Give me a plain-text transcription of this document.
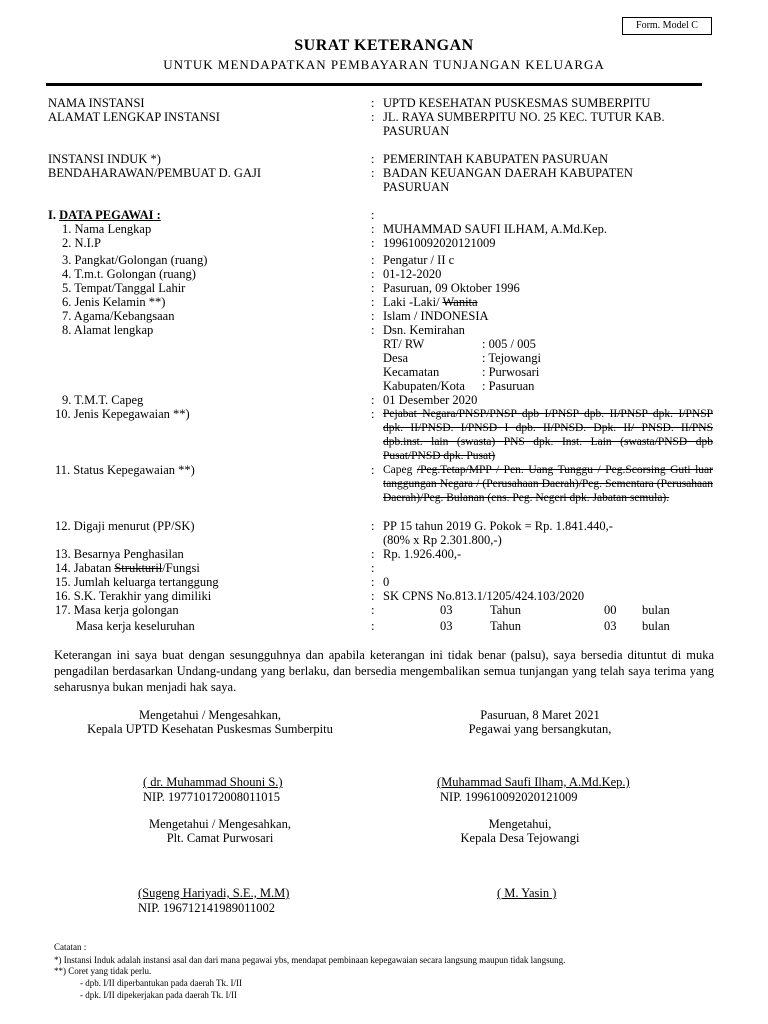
Form. Model C
SURAT KETERANGAN
UNTUK MENDAPATKAN PEMBAYARAN TUNJANGAN KELUARGA
NAMA INSTANSI	: UPTD KESEHATAN PUSKESMAS SUMBERPITU
ALAMAT LENGKAP INSTANSI	: JL. RAYA SUMBERPITU NO. 25 KEC. TUTUR KAB. PASURUAN
INSTANSI INDUK *)	: PEMERINTAH KABUPATEN PASURUAN
BENDAHARAWAN/PEMBUAT D. GAJI	: BADAN KEUANGAN DAERAH KABUPATEN PASURUAN
I. DATA PEGAWAI :	:
1. Nama Lengkap	: MUHAMMAD SAUFI ILHAM, A.Md.Kep.
2. N.I.P	: 199610092020121009
3. Pangkat/Golongan (ruang)	: Pengatur / II c
4. T.m.t. Golongan (ruang)	: 01-12-2020
5. Tempat/Tanggal Lahir	: Pasuruan, 09 Oktober 1996
6. Jenis Kelamin **)	: Laki -Laki/ Wanita
7. Agama/Kebangsaan	: Islam / INDONESIA
8. Alamat lengkap	: Dsn. Kemirahan
RT/ RW	: 005 / 005
Desa	: Tejowangi
Kecamatan	: Purwosari
Kabupaten/Kota : Pasuruan
9. T.M.T. Capeg	: 01 Desember 2020
10. Jenis Kepegawaian **)	: Pejabat Negara/PNSP/PNSP dpb I/PNSP dpb. II/PNSP dpk. I/PNSP dpk. II/PNSD. I/PNSD I dpb. II/PNSD. Dpk. II/ PNSD. II/PNS dpb.inst. lain (swasta) PNS dpk. Inst. Lain (swasta/PNSD dpb Pusat/PNSD dpk. Pusat)
11. Status Kepegawaian **)	: Capeg /Peg.Tetap/MPP / Pen. Uang Tunggu / Peg.Scorsing Guti luar tanggungan Negara / (Perusahaan Daerah)/Peg. Sementara (Perusahaan Daerah)/Peg. Bulanan (ens. Peg. Negeri dpk. Jabatan semula).
12. Digaji menurut (PP/SK)	: PP 15 tahun 2019 G. Pokok = Rp. 1.841.440,-
(80% x Rp 2.301.800,-)
13. Besarnya Penghasilan	: Rp. 1.926.400,-
14. Jabatan Strukturil/Fungsi	:
15. Jumlah keluarga tertanggung	: 0
16. S.K. Terakhir yang dimiliki	: SK CPNS No.813.1/1205/424.103/2020
17. Masa kerja golongan	:	03	Tahun	00 bulan
Masa kerja keseluruhan	:	03	Tahun	03 bulan
Keterangan ini saya buat dengan sesungguhnya dan apabila keterangan ini tidak benar (palsu), saya bersedia dituntut di muka pengadilan berdasarkan Undang-undang yang berlaku, dan bersedia mengembalikan semua tunjangan yang telah saya terima yang seharusnya bukan menjadi hak saya.
Mengetahui / Mengesahkan,
Kepala UPTD Kesehatan Puskesmas Sumberpitu
Pasuruan, 8 Maret 2021
Pegawai yang bersangkutan,
( dr. Muhammad Shouni S.)
NIP. 197710172008011015
(Muhammad Saufi Ilham, A.Md.Kep.)
NIP. 199610092020121009
Mengetahui / Mengesahkan,
Plt. Camat Purwosari
Mengetahui,
Kepala Desa Tejowangi
(Sugeng Hariyadi, S.E., M.M)
NIP. 196712141989011002
( M. Yasin )
Catatan :
*) Instansi Induk adalah instansi asal dan dari mana pegawai ybs, mendapat pembinaan kepegawaian secara langsung maupun tidak langsung.
**) Coret yang tidak perlu.
- dpb. I/II diperbantukan pada daerah Tk. I/II
- dpk. I/II dipekerjakan pada daerah Tk. I/II
